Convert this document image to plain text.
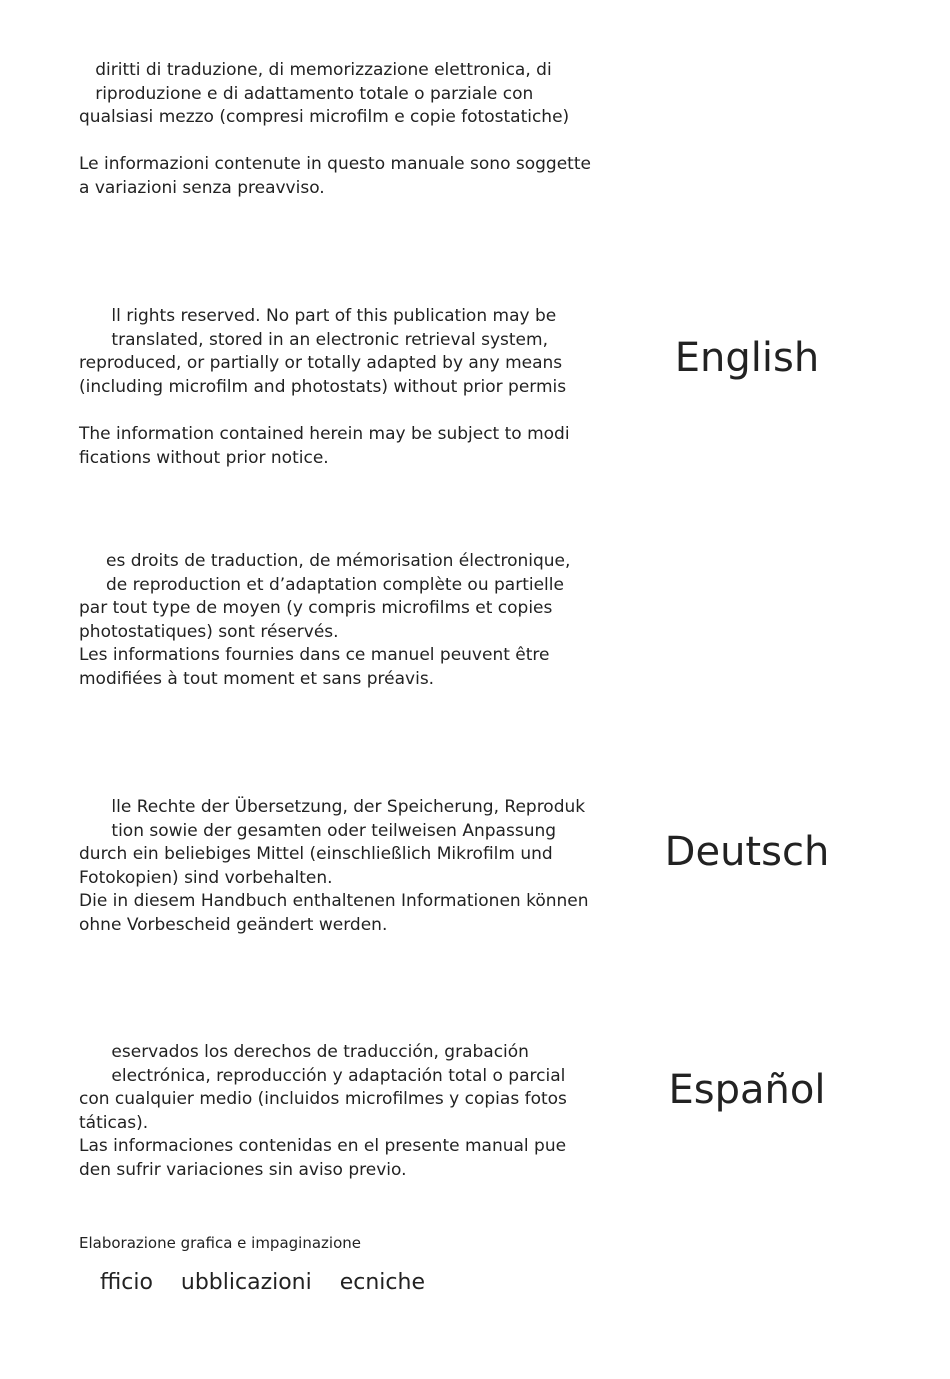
diritti di traduzione, di memorizzazione elettronica, di
riproduzione e di adattamento totale o parziale con
qualsiasi mezzo (compresi microfilm e copie fotostatiche)
Le informazioni contenute in questo manuale sono soggette
a variazioni senza preavviso.
ll rights reserved. No part of this publication may be
translated, stored in an electronic retrieval system,
reproduced, or partially or totally adapted by any means
(including microfilm and photostats) without prior permis
The information contained herein may be subject to modi
fications without prior notice.
English
es droits de traduction, de mémorisation électronique,
de reproduction et d’adaptation complète ou partielle
par tout type de moyen (y compris microfilms et copies
photostatiques) sont réservés.
Les informations fournies dans ce manuel peuvent être
modifiées à tout moment et sans préavis.
lle Rechte der Übersetzung, der Speicherung, Reproduk
tion sowie der gesamten oder teilweisen Anpassung
durch ein beliebiges Mittel (einschließlich Mikrofilm und
Fotokopien) sind vorbehalten.
Die in diesem Handbuch enthaltenen Informationen können
ohne Vorbescheid geändert werden.
Deutsch
eservados los derechos de traducción, grabación
electrónica, reproducción y adaptación total o parcial
con cualquier medio (incluidos microfilmes y copias fotos
táticas).
Las informaciones contenidas en el presente manual pue
den sufrir variaciones sin aviso previo.
Español
Elaborazione grafica e impaginazione
fficio    ubblicazioni    ecniche
